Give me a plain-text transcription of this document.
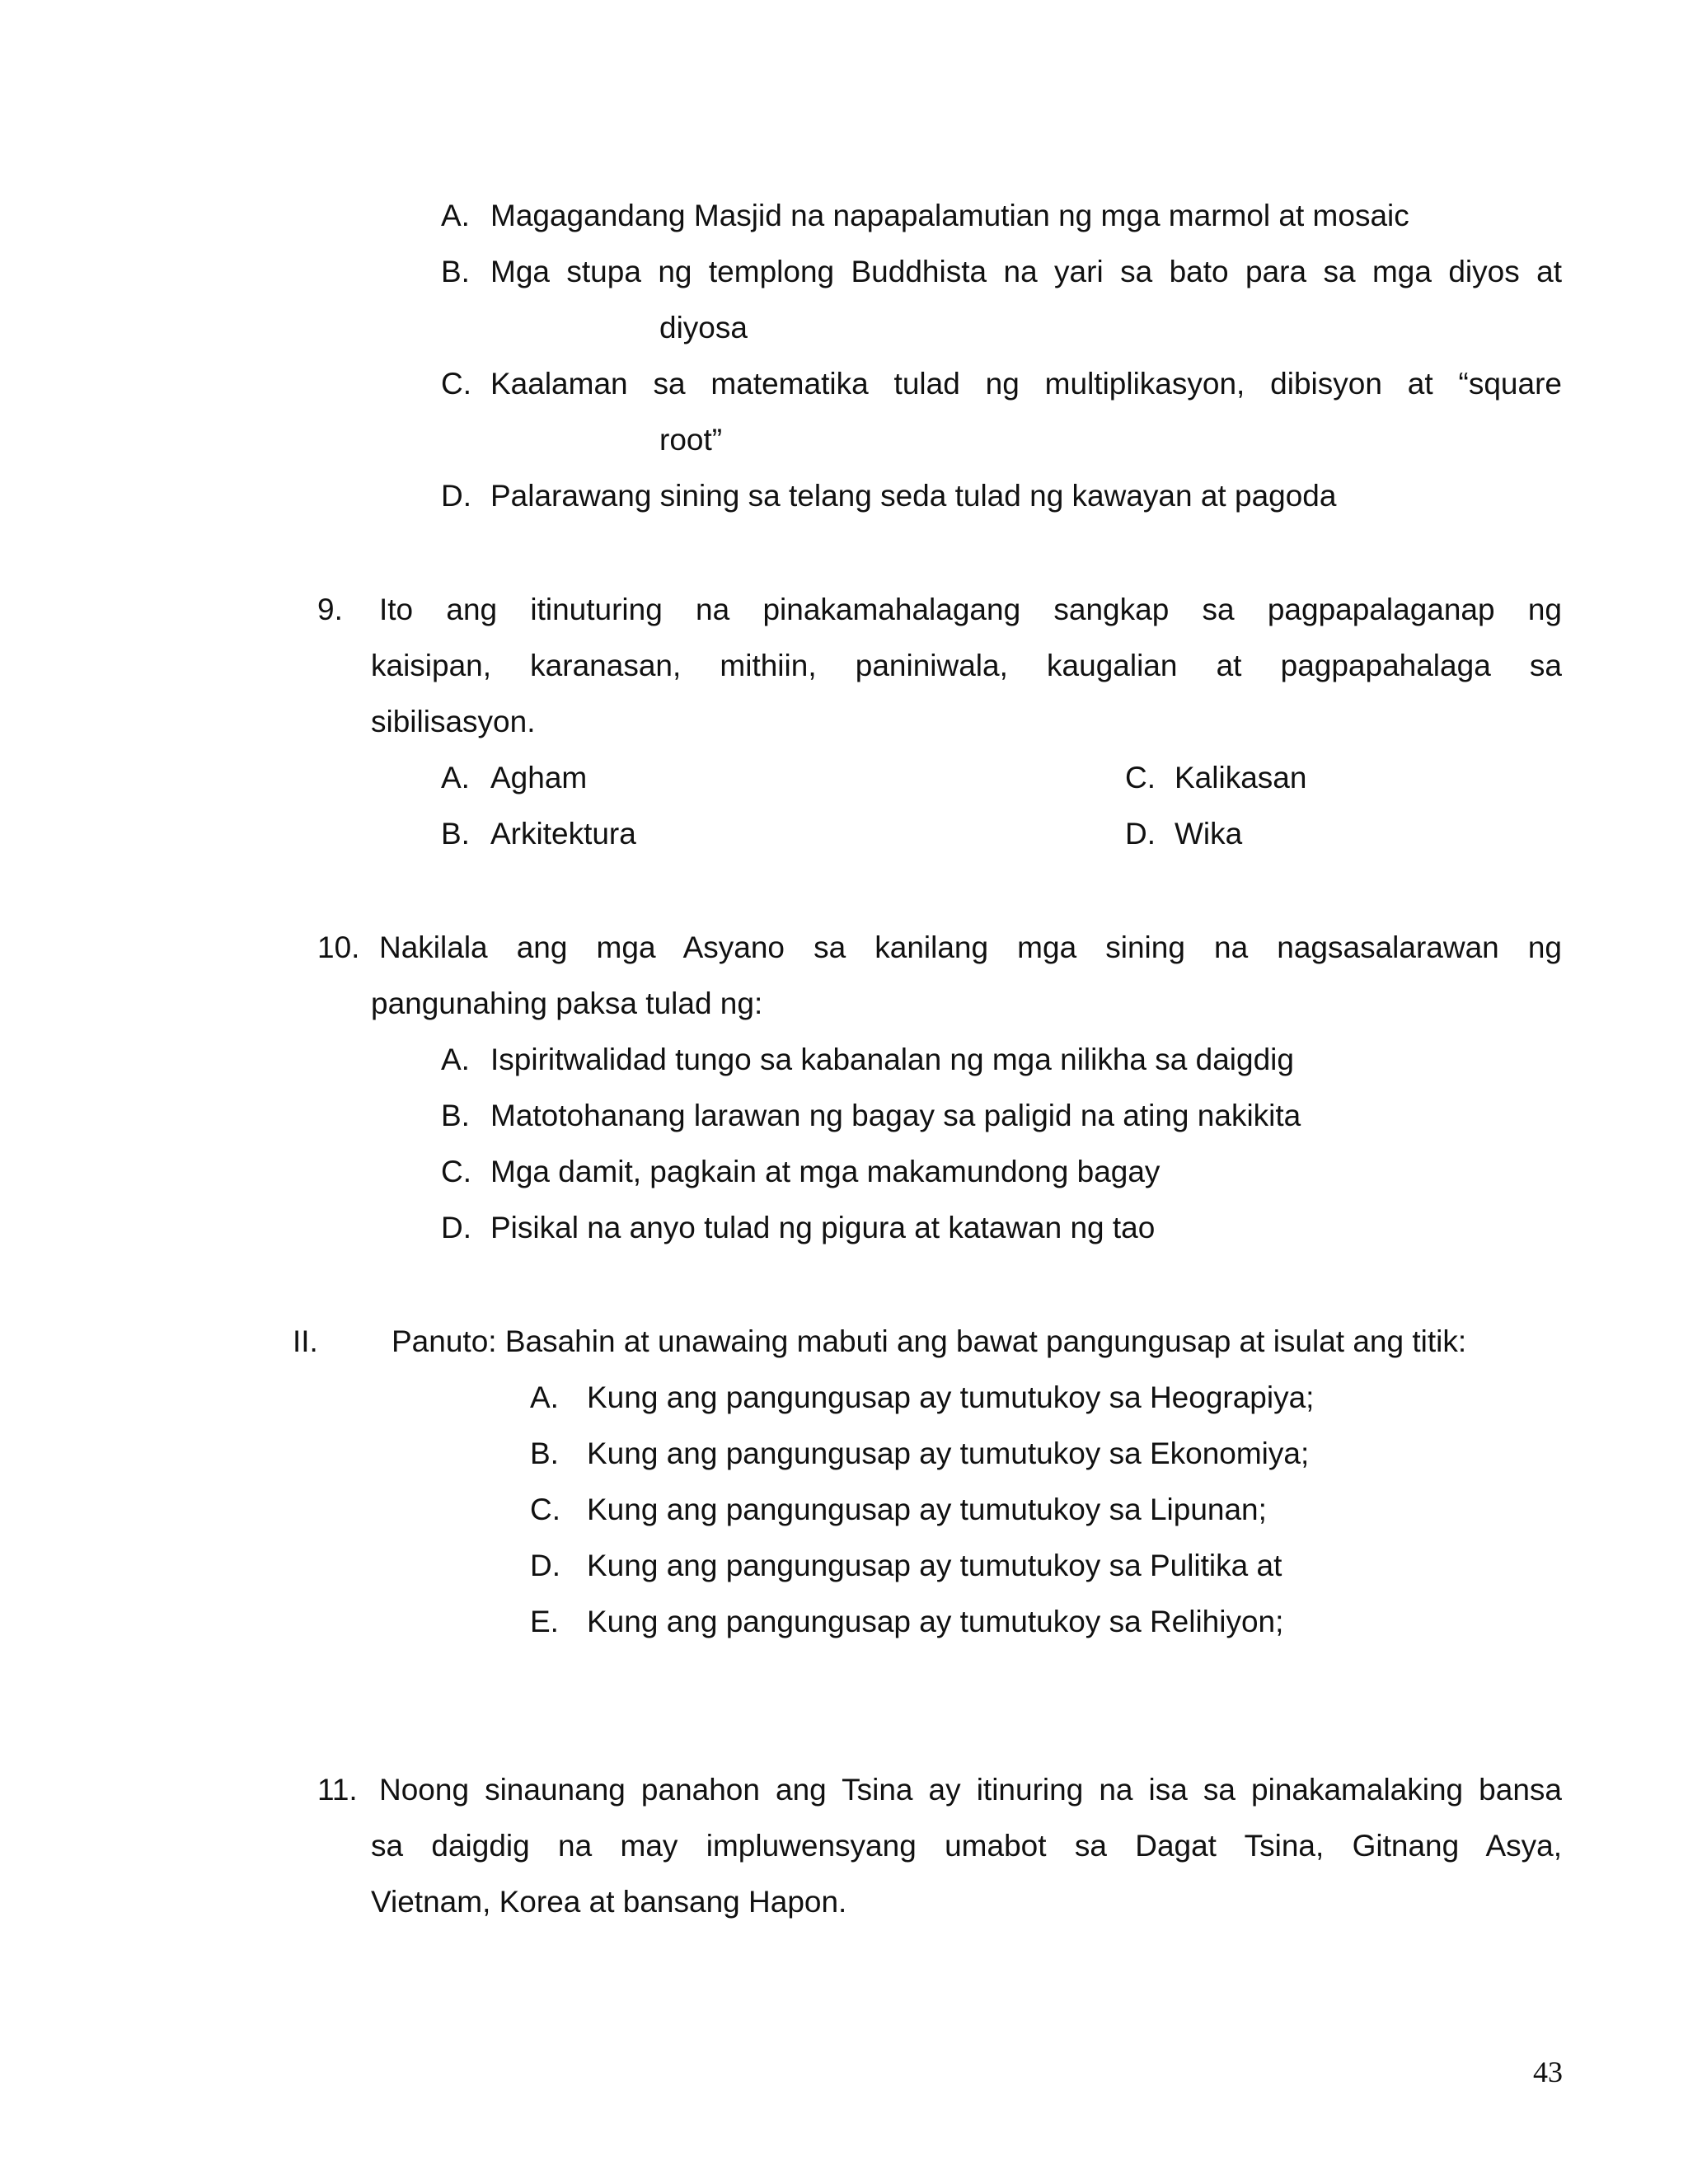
A. Magagandang Masjid na napapalamutian ng mga marmol at mosaic
B. Mga stupa ng templong Buddhista na yari sa bato para sa mga diyos at
diyosa
C. Kaalaman sa matematika tulad ng multiplikasyon, dibisyon at “square
root”
D. Palarawang sining sa telang seda tulad ng kawayan at pagoda
9. Ito ang itinuturing na pinakamahalagang sangkap sa pagpapalaganap ng
kaisipan, karanasan, mithiin, paniniwala, kaugalian at pagpapahalaga sa
sibilisasyon.
A. Agham	C. Kalikasan
B. Arkitektura	D. Wika
10. Nakilala ang mga Asyano sa kanilang mga sining na nagsasalarawan ng
pangunahing paksa tulad ng:
A. Ispiritwalidad tungo sa kabanalan ng mga nilikha sa daigdig
B. Matotohanang larawan ng bagay sa paligid na ating nakikita
C. Mga damit, pagkain at mga makamundong bagay
D. Pisikal na anyo tulad ng pigura at katawan ng tao
II. Panuto: Basahin at unawaing mabuti ang bawat pangungusap at isulat ang titik:
A. Kung ang pangungusap ay tumutukoy sa Heograpiya;
B. Kung ang pangungusap ay tumutukoy sa Ekonomiya;
C. Kung ang pangungusap ay tumutukoy sa Lipunan;
D. Kung ang pangungusap ay tumutukoy sa Pulitika at
E. Kung ang pangungusap ay tumutukoy sa Relihiyon;
11. Noong sinaunang panahon ang Tsina ay itinuring na isa sa pinakamalaking bansa
sa daigdig na may impluwensyang umabot sa Dagat Tsina, Gitnang Asya,
Vietnam, Korea at bansang Hapon.
43
